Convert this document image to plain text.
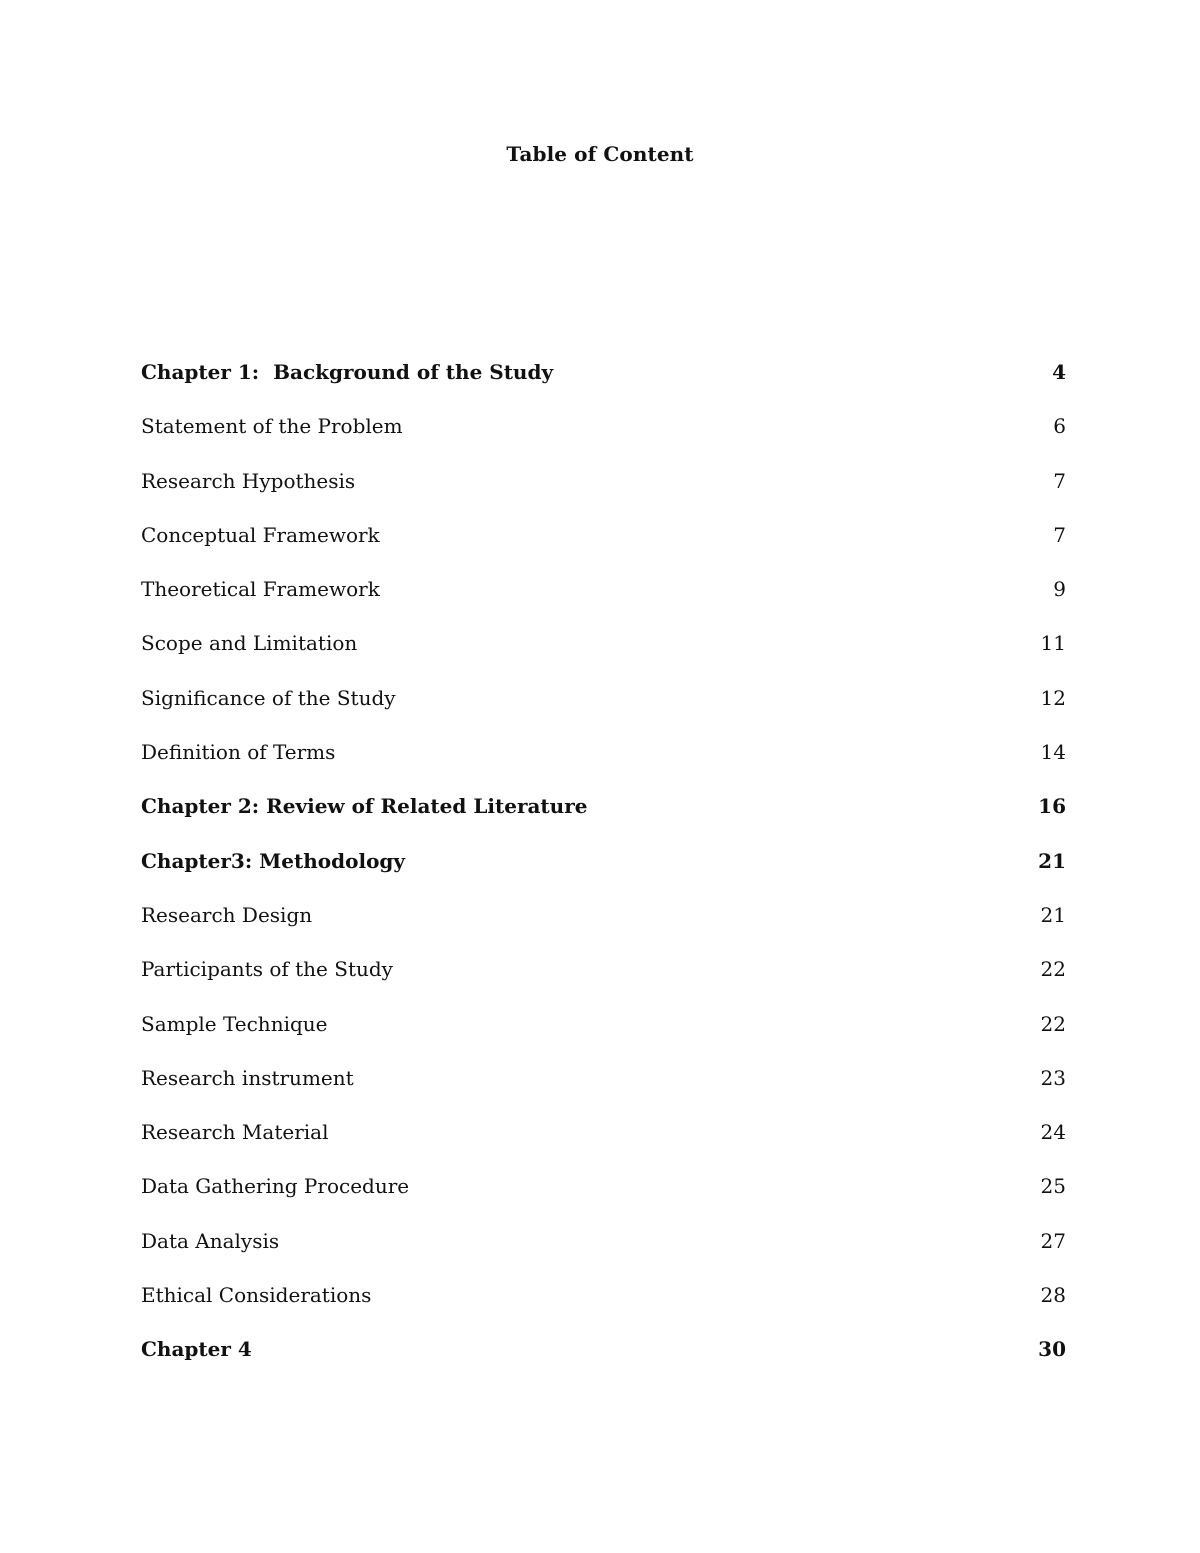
Table of Content
Chapter 1:  Background of the Study	4
Statement of the Problem	6
Research Hypothesis	7
Conceptual Framework	7
Theoretical Framework	9
Scope and Limitation	11
Significance of the Study	12
Definition of Terms	14
Chapter 2: Review of Related Literature	16
Chapter3: Methodology	21
Research Design	21
Participants of the Study	22
Sample Technique	22
Research instrument	23
Research Material	24
Data Gathering Procedure	25
Data Analysis	27
Ethical Considerations	28
Chapter 4	30
